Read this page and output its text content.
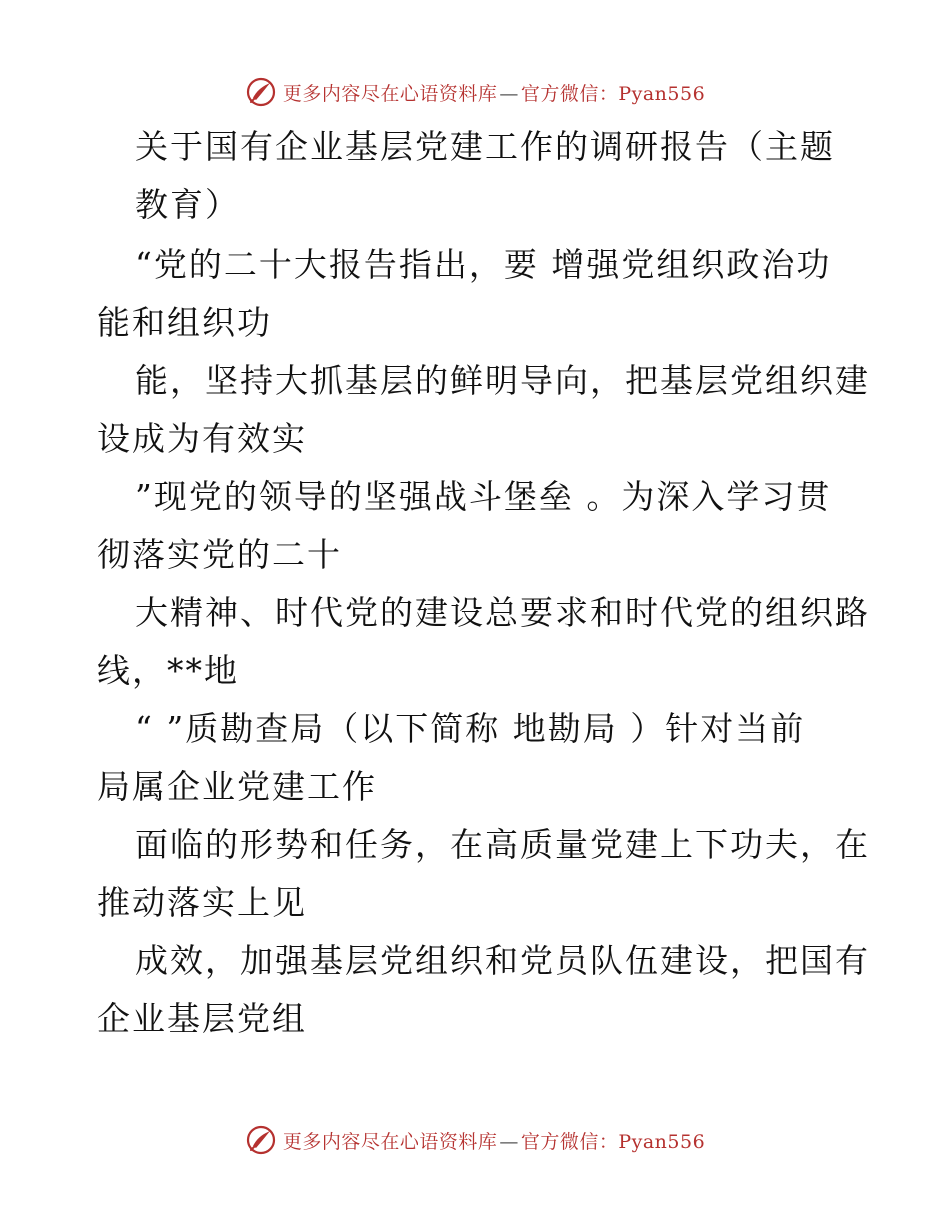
更多内容尽在心语资料库 — 官方微信：Pyan556
关于国有企业基层党建工作的调研报告（主题
教育）
“党的二十大报告指出，要 增强党组织政治功
能和组织功
能，坚持大抓基层的鲜明导向，把基层党组织建
设成为有效实
”现党的领导的坚强战斗堡垒 。为深入学习贯
彻落实党的二十
大精神、时代党的建设总要求和时代党的组织路
线，**地
“ ”质勘查局（以下简称 地勘局 ）针对当前
局属企业党建工作
面临的形势和任务，在高质量党建上下功夫，在
推动落实上见
成效，加强基层党组织和党员队伍建设，把国有
企业基层党组
更多内容尽在心语资料库 — 官方微信：Pyan556
